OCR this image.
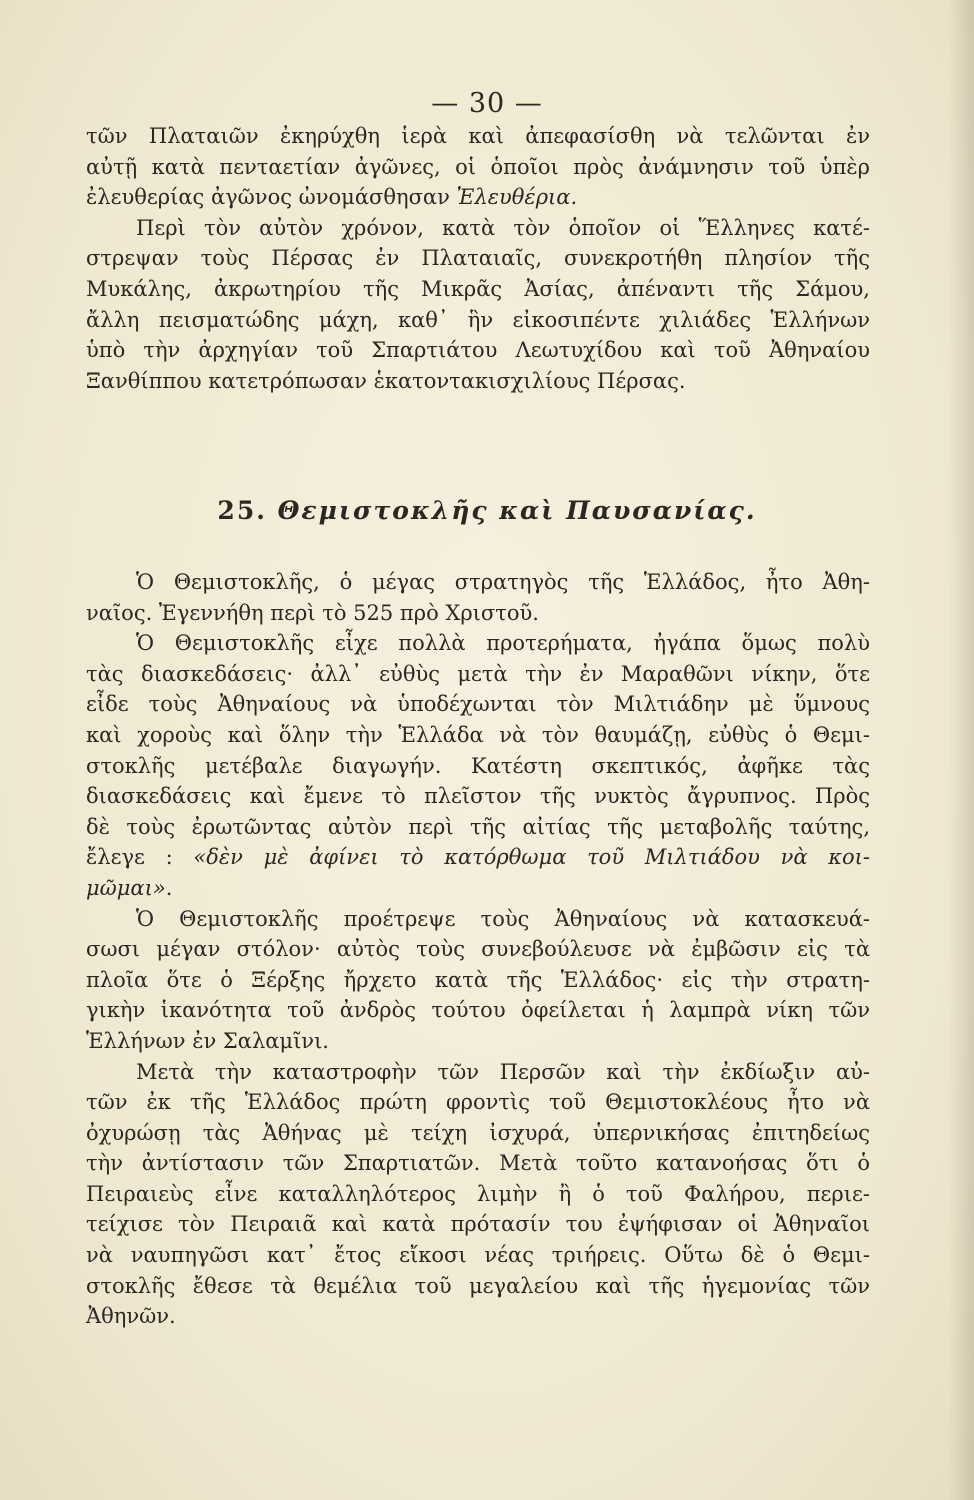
— 30 —
τῶν Πλαταιῶν ἐκηρύχθη ἱερὰ καὶ ἀπεφασίσθη νὰ τελῶνται ἐν
αὐτῇ κατὰ πενταετίαν ἀγῶνες, οἱ ὁποῖοι πρὸς ἀνάμνησιν τοῦ ὑπὲρ
ἐλευθερίας ἀγῶνος ὠνομάσθησαν Ἐλευθέρια.
Περὶ τὸν αὐτὸν χρόνον, κατὰ τὸν ὁποῖον οἱ Ἕλληνες κατέ-
στρεψαν τοὺς Πέρσας ἐν Πλαταιαῖς, συνεκροτήθη πλησίον τῆς
Μυκάλης, ἀκρωτηρίου τῆς Μικρᾶς Ἀσίας, ἀπέναντι τῆς Σάμου,
ἄλλη πεισματώδης μάχη, καθ᾽ ἣν εἰκοσιπέντε χιλιάδες Ἑλλήνων
ὑπὸ τὴν ἀρχηγίαν τοῦ Σπαρτιάτου Λεωτυχίδου καὶ τοῦ Ἀθηναίου
Ξανθίππου κατετρόπωσαν ἑκατοντακισχιλίους Πέρσας.
25. Θεμιστοκλῆς καὶ Παυσανίας.
Ὁ Θεμιστοκλῆς, ὁ μέγας στρατηγὸς τῆς Ἑλλάδος, ἦτο Ἀθη-
ναῖος. Ἐγεννήθη περὶ τὸ 525 πρὸ Χριστοῦ.
Ὁ Θεμιστοκλῆς εἶχε πολλὰ προτερήματα, ἠγάπα ὅμως πολὺ
τὰς διασκεδάσεις· ἀλλ᾽ εὐθὺς μετὰ τὴν ἐν Μαραθῶνι νίκην, ὅτε
εἶδε τοὺς Ἀθηναίους νὰ ὑποδέχωνται τὸν Μιλτιάδην μὲ ὕμνους
καὶ χοροὺς καὶ ὅλην τὴν Ἑλλάδα νὰ τὸν θαυμάζῃ, εὐθὺς ὁ Θεμι-
στοκλῆς μετέβαλε διαγωγήν. Κατέστη σκεπτικός, ἀφῆκε τὰς
διασκεδάσεις καὶ ἔμενε τὸ πλεῖστον τῆς νυκτὸς ἄγρυπνος. Πρὸς
δὲ τοὺς ἐρωτῶντας αὐτὸν περὶ τῆς αἰτίας τῆς μεταβολῆς ταύτης,
ἔλεγε : «δὲν μὲ ἀφίνει τὸ κατόρθωμα τοῦ Μιλτιάδου νὰ κοι-
μῶμαι».
Ὁ Θεμιστοκλῆς προέτρεψε τοὺς Ἀθηναίους νὰ κατασκευά-
σωσι μέγαν στόλον· αὐτὸς τοὺς συνεβούλευσε νὰ ἐμβῶσιν εἰς τὰ
πλοῖα ὅτε ὁ Ξέρξης ἤρχετο κατὰ τῆς Ἑλλάδος· εἰς τὴν στρατη-
γικὴν ἱκανότητα τοῦ ἀνδρὸς τούτου ὀφείλεται ἡ λαμπρὰ νίκη τῶν
Ἑλλήνων ἐν Σαλαμῖνι.
Μετὰ τὴν καταστροφὴν τῶν Περσῶν καὶ τὴν ἐκδίωξιν αὐ-
τῶν ἐκ τῆς Ἑλλάδος πρώτη φροντὶς τοῦ Θεμιστοκλέους ἦτο νὰ
ὀχυρώσῃ τὰς Ἀθήνας μὲ τείχη ἰσχυρά, ὑπερνικήσας ἐπιτηδείως
τὴν ἀντίστασιν τῶν Σπαρτιατῶν. Μετὰ τοῦτο κατανοήσας ὅτι ὁ
Πειραιεὺς εἶνε καταλληλότερος λιμὴν ἢ ὁ τοῦ Φαλήρου, περιε-
τείχισε τὸν Πειραιᾶ καὶ κατὰ πρότασίν του ἐψήφισαν οἱ Ἀθηναῖοι
νὰ ναυπηγῶσι κατ᾽ ἔτος εἴκοσι νέας τριήρεις. Οὕτω δὲ ὁ Θεμι-
στοκλῆς ἔθεσε τὰ θεμέλια τοῦ μεγαλείου καὶ τῆς ἡγεμονίας τῶν
Ἀθηνῶν.
